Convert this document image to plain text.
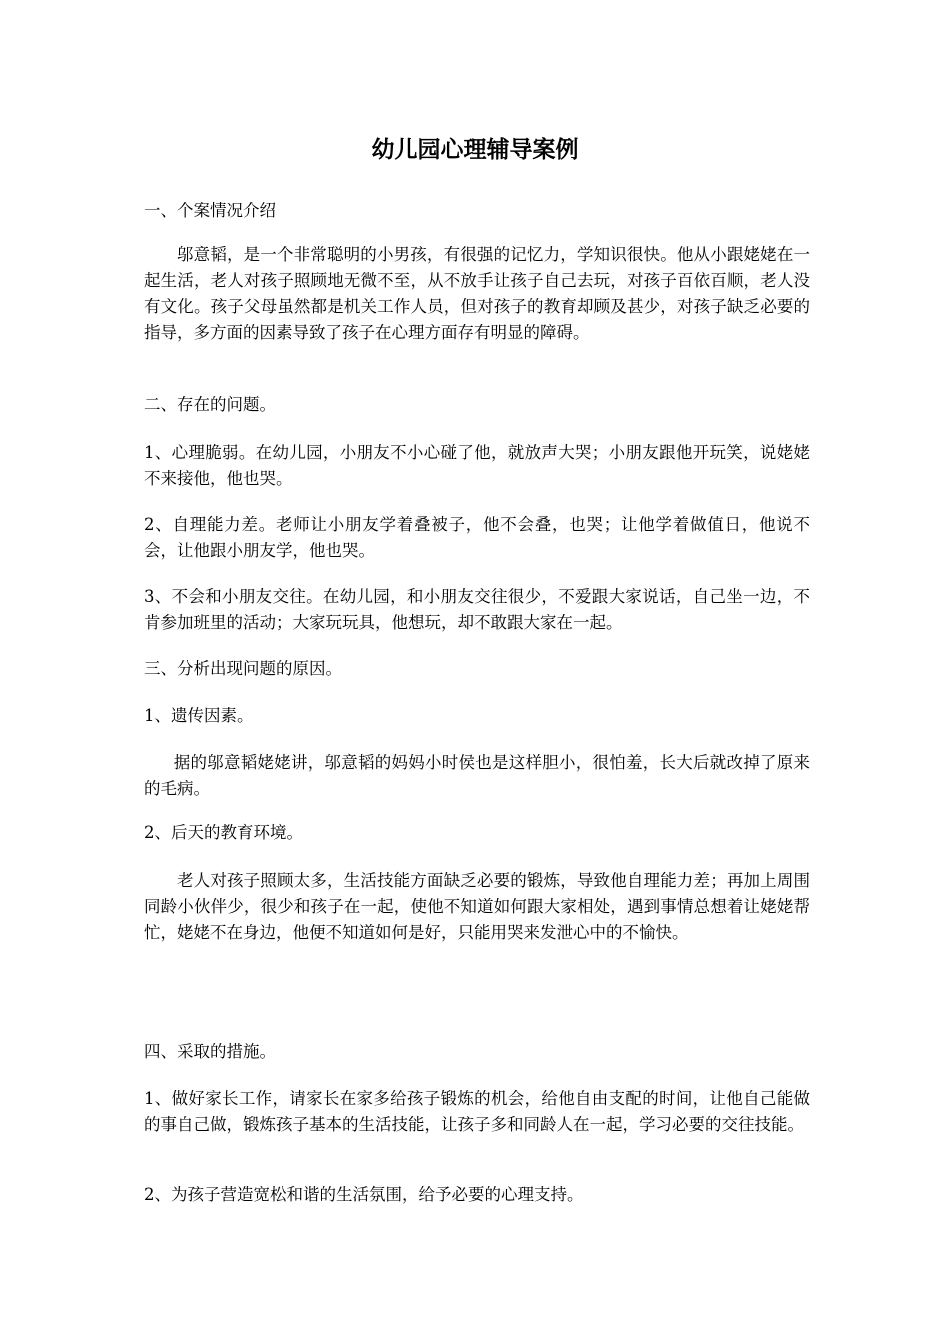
幼儿园心理辅导案例

一、个案情况介绍

邬意韬，是一个非常聪明的小男孩，有很强的记忆力，学知识很快。他从小跟姥姥在一起生活，老人对孩子照顾地无微不至，从不放手让孩子自己去玩，对孩子百依百顺，老人没有文化。孩子父母虽然都是机关工作人员，但对孩子的教育却顾及甚少，对孩子缺乏必要的指导，多方面的因素导致了孩子在心理方面存有明显的障碍。

二、存在的问题。

1、心理脆弱。在幼儿园，小朋友不小心碰了他，就放声大哭；小朋友跟他开玩笑，说姥姥不来接他，他也哭。

2、自理能力差。老师让小朋友学着叠被子，他不会叠，也哭；让他学着做值日，他说不会，让他跟小朋友学，他也哭。

3、不会和小朋友交往。在幼儿园，和小朋友交往很少，不爱跟大家说话，自己坐一边，不肯参加班里的活动；大家玩玩具，他想玩，却不敢跟大家在一起。

三、分析出现问题的原因。

1、遗传因素。

据的邬意韬姥姥讲，邬意韬的妈妈小时侯也是这样胆小，很怕羞，长大后就改掉了原来的毛病。

2、后天的教育环境。

老人对孩子照顾太多，生活技能方面缺乏必要的锻炼，导致他自理能力差；再加上周围同龄小伙伴少，很少和孩子在一起，使他不知道如何跟大家相处，遇到事情总想着让姥姥帮忙，姥姥不在身边，他便不知道如何是好，只能用哭来发泄心中的不愉快。

四、采取的措施。

1、做好家长工作，请家长在家多给孩子锻炼的机会，给他自由支配的时间，让他自己能做的事自己做，锻炼孩子基本的生活技能，让孩子多和同龄人在一起，学习必要的交往技能。

2、为孩子营造宽松和谐的生活氛围，给予必要的心理支持。
